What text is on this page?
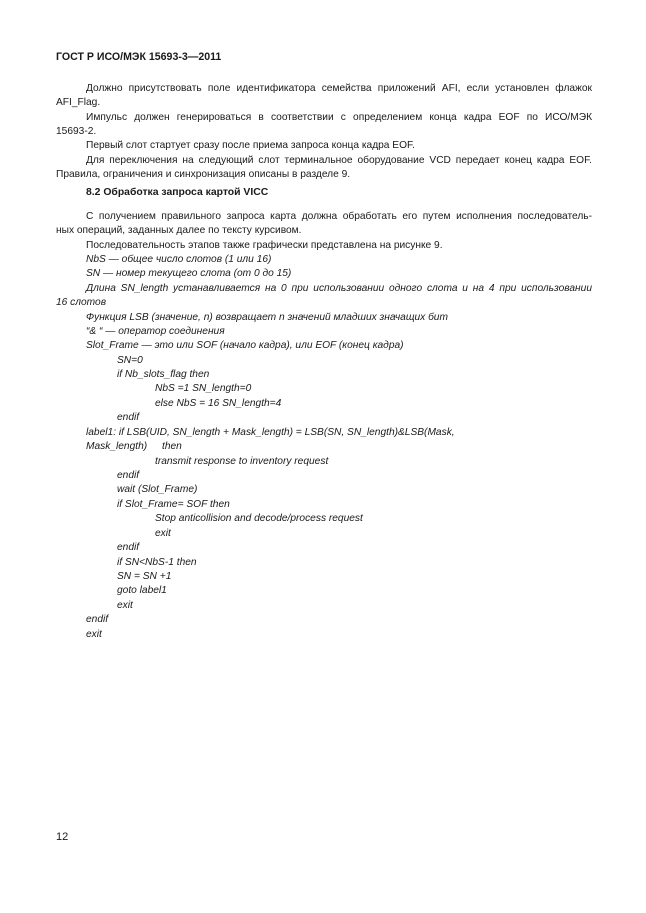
ГОСТ Р ИСО/МЭК 15693-3—2011
Должно присутствовать поле идентификатора семейства приложений AFI, если установлен флажок
AFI_Flag.
Импульс должен генерироваться в соответствии с определением конца кадра EOF по ИСО/МЭК
15693-2.
Первый слот стартует сразу после приема запроса конца кадра EOF.
Для переключения на следующий слот терминальное оборудование VCD передает конец кадра EOF.
Правила, ограничения и синхронизация описаны в разделе 9.
8.2 Обработка запроса картой VICC
С получением правильного запроса карта должна обработать его путем исполнения последователь-
ных операций, заданных далее по тексту курсивом.
Последовательность этапов также графически представлена на рисунке 9.
NbS — общее число слотов (1 или 16)
SN — номер текущего слота (от 0 до 15)
Длина SN_length устанавливается на 0 при использовании одного слота и на 4 при использовании
16 слотов
Функция LSB (значение, n) возвращает n значений младших значащих бит
“& “ — оператор соединения
Slot_Frame — это или SOF (начало кадра), или EOF (конец кадра)
SN=0
if Nb_slots_flag then
NbS =1 SN_length=0
else NbS = 16 SN_length=4
endif
label1: if LSB(UID, SN_length + Mask_length) = LSB(SN, SN_length)&LSB(Mask,
Mask_length) then
transmit response to inventory request
endif
wait (Slot_Frame)
if Slot_Frame= SOF then
Stop anticollision and decode/process request
exit
endif
if SN<NbS-1 then
SN = SN +1
goto label1
exit
endif
exit
12
